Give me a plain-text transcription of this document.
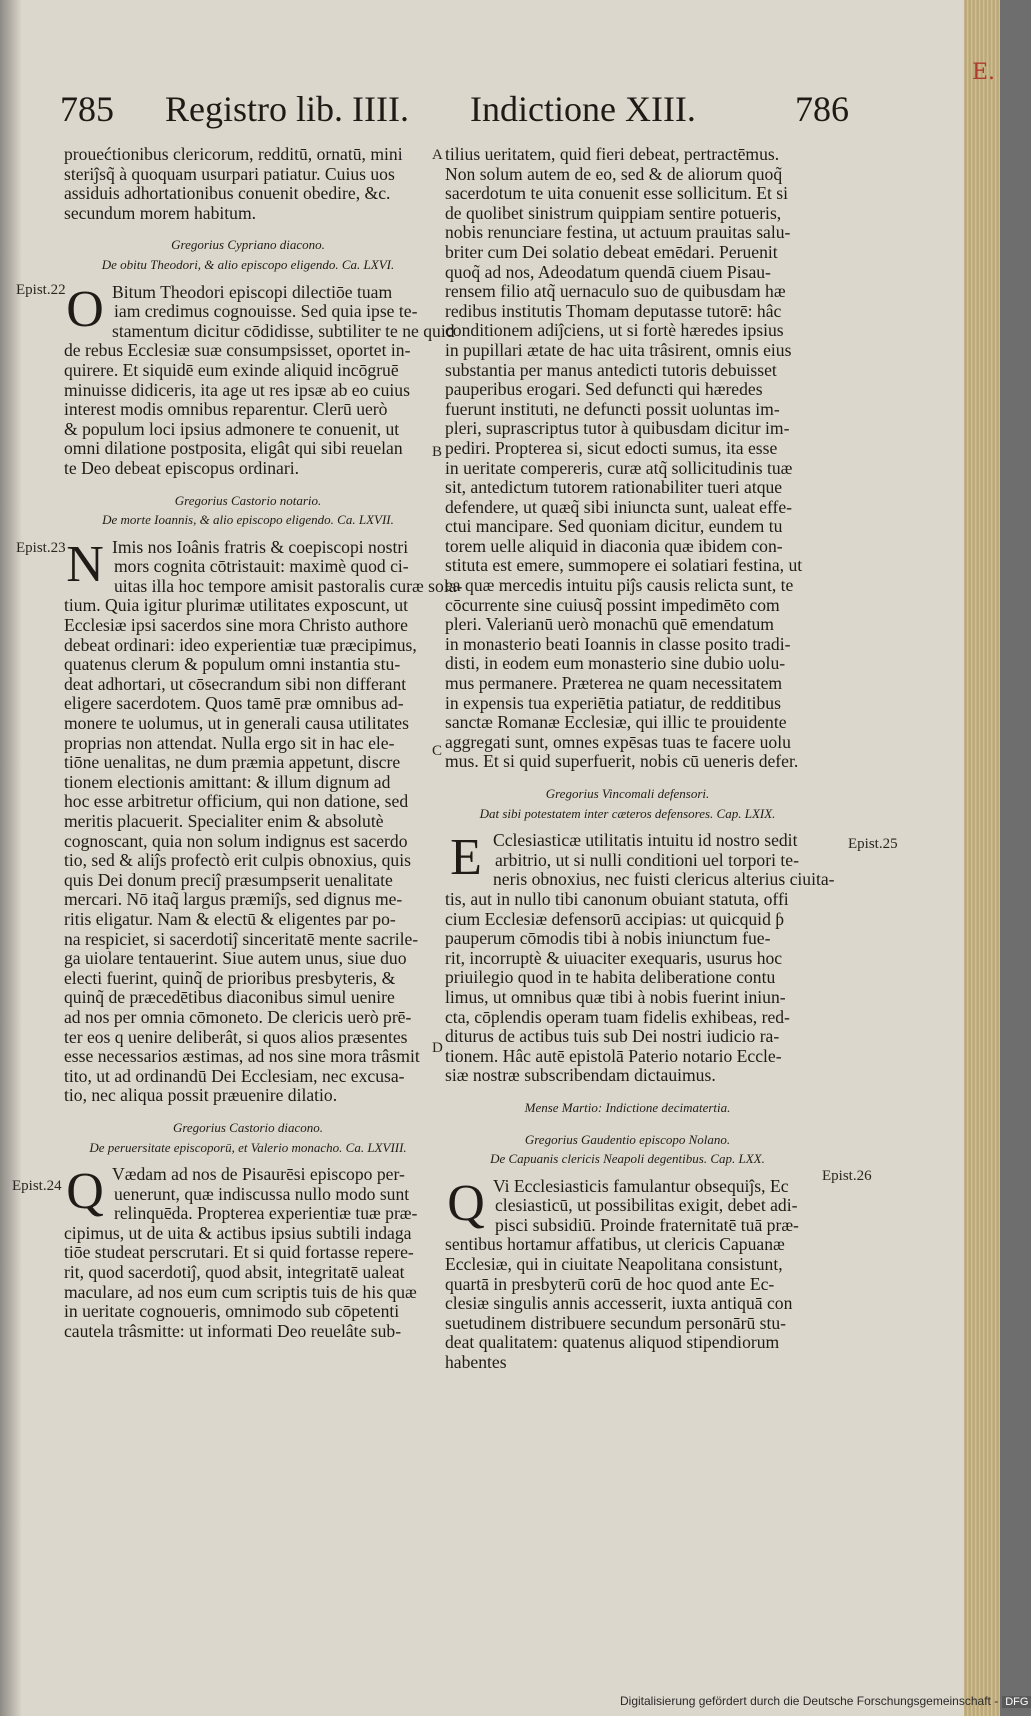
785 Registro lib. IIII. Indictione XIII.	786
prouećtionibus clericorum, redditū, ornatū, mini
steriĵsq̃ à quoquam usurpari patiatur. Cuius uos
assiduis adhortationibus conuenit obedire, &c.
secundum morem habitum.
Gregorius Cypriano diacono.
De obitu Theodori, & alio episcopo eligendo. Ca. LXVI.
O Bitum Theodori episcopi dilectiōe tuam
iam credimus cognouisse. Sed quia ipse te-
stamentum dicitur cōdidisse, subtiliter te ne quid
de rebus Ecclesiæ suæ consumpsisset, oportet in-
quirere. Et siquidē eum exinde aliquid incōgruē
minuisse didiceris, ita age ut res ipsæ ab eo cuius
interest modis omnibus reparentur. Clerū uerò
& populum loci ipsius admonere te conuenit, ut
omni dilatione postposita, eligât qui sibi reuelan
te Deo debeat episcopus ordinari.
Gregorius Castorio notario.
De morte Ioannis, & alio episcopo eligendo. Ca. LXVII.
N Imis nos Ioânis fratris & coepiscopi nostri
mors cognita cōtristauit: maximè quod ci-
uitas illa hoc tempore amisit pastoralis curæ sola-
tium. Quia igitur plurimæ utilitates exposcunt, ut
Ecclesiæ ipsi sacerdos sine mora Christo authore
debeat ordinari: ideo experientiæ tuæ præcipimus,
quatenus clerum & populum omni instantia stu-
deat adhortari, ut cōsecrandum sibi non differant
eligere sacerdotem. Quos tamē præ omnibus ad-
monere te uolumus, ut in generali causa utilitates
proprias non attendat. Nulla ergo sit in hac ele-
tiōne uenalitas, ne dum præmia appetunt, discre
tionem electionis amittant: & illum dignum ad
hoc esse arbitretur officium, qui non datione, sed
meritis placuerit. Specialiter enim & absolutè
cognoscant, quia non solum indignus est sacerdo
tio, sed & aliĵs profectò erit culpis obnoxius, quis
quis Dei donum preciĵ præsumpserit uenalitate
mercari. Nō itaq̃ largus præmiĵs, sed dignus me-
ritis eligatur. Nam & electū & eligentes par po-
na respiciet, si sacerdotiĵ sinceritatē mente sacrile-
ga uiolare tentauerint. Siue autem unus, siue duo
electi fuerint, quinq̃ de prioribus presbyteris, &
quinq̃ de præcedētibus diaconibus simul uenire
ad nos per omnia cōmoneto. De clericis uerò prē-
ter eos q uenire deliberât, si quos alios præsentes
esse necessarios æstimas, ad nos sine mora trâsmit
tito, ut ad ordinandū Dei Ecclesiam, nec excusa-
tio, nec aliqua possit præuenire dilatio.
Gregorius Castorio diacono.
De peruersitate episcoporū, et Valerio monacho. Ca. LXVIII.
Q Vædam ad nos de Pisaurēsi episcopo per-
uenerunt, quæ indiscussa nullo modo sunt
relinquēda. Propterea experientiæ tuæ præ-
cipimus, ut de uita & actibus ipsius subtili indaga
tiōe studeat perscrutari. Et si quid fortasse repere-
rit, quod sacerdotiĵ, quod absit, integritatē ualeat
maculare, ad nos eum cum scriptis tuis de his quæ
in ueritate cognoueris, omnimodo sub cōpetenti
cautela trâsmitte: ut informati Deo reuelâte sub-
tilius ueritatem, quid fieri debeat, pertractēmus.
Non solum autem de eo, sed & de aliorum quoq̃
sacerdotum te uita conuenit esse sollicitum. Et si
de quolibet sinistrum quippiam sentire potueris,
nobis renunciare festina, ut actuum prauitas salu-
briter cum Dei solatio debeat emēdari. Peruenit
quoq̃ ad nos, Adeodatum quendā ciuem Pisau-
rensem filio atq̃ uernaculo suo de quibusdam hæ
redibus institutis Thomam deputasse tutorē: hâc
conditionem adiĵciens, ut si fortè hæredes ipsius
in pupillari ætate de hac uita trâsirent, omnis eius
substantia per manus antedicti tutoris debuisset
pauperibus erogari. Sed defuncti qui hæredes
fuerunt instituti, ne defuncti possit uoluntas im-
pleri, suprascriptus tutor à quibusdam dicitur im-
pediri. Propterea si, sicut edocti sumus, ita esse
in ueritate compereris, curæ atq̃ sollicitudinis tuæ
sit, antedictum tutorem rationabiliter tueri atque
defendere, ut quæq̃ sibi iniuncta sunt, ualeat effe-
ctui mancipare. Sed quoniam dicitur, eundem tu
torem uelle aliquid in diaconia quæ ibidem con-
stituta est emere, summopere ei solatiari festina, ut
ea quæ mercedis intuitu piĵs causis relicta sunt, te
cōcurrente sine cuiusq̃ possint impedimēto com
pleri. Valerianū uerò monachū quē emendatum
in monasterio beati Ioannis in classe posito tradi-
disti, in eodem eum monasterio sine dubio uolu-
mus permanere. Præterea ne quam necessitatem
in expensis tua experiētia patiatur, de redditibus
sanctæ Romanæ Ecclesiæ, qui illic te prouidente
aggregati sunt, omnes expēsas tuas te facere uolu
mus. Et si quid superfuerit, nobis cū ueneris defer.
Gregorius Vincomali defensori.
Dat sibi potestatem inter cæteros defensores. Cap. LXIX.
E Cclesiasticæ utilitatis intuitu id nostro sedit
arbitrio, ut si nulli conditioni uel torpori te-
neris obnoxius, nec fuisti clericus alterius ciuita-
tis, aut in nullo tibi canonum obuiant statuta, offi
cium Ecclesiæ defensorū accipias: ut quicquid ƥ
pauperum cōmodis tibi à nobis iniunctum fue-
rit, incorruptè & uiuaciter exequaris, usurus hoc
priuilegio quod in te habita deliberatione contu
limus, ut omnibus quæ tibi à nobis fuerint iniun-
cta, cōplendis operam tuam fidelis exhibeas, red-
diturus de actibus tuis sub Dei nostri iudicio ra-
tionem. Hâc autē epistolā Paterio notario Eccle-
siæ nostræ subscribendam dictauimus.
Mense Martio: Indictione decimatertia.
Gregorius Gaudentio episcopo Nolano.
De Capuanis clericis Neapoli degentibus. Cap. LXX.
Q Vi Ecclesiasticis famulantur obsequiĵs, Ec
clesiasticū, ut possibilitas exigit, debet adi-
pisci subsidiū. Proinde fraternitatē tuā præ-
sentibus hortamur affatibus, ut clericis Capuanæ
Ecclesiæ, qui in ciuitate Neapolitana consistunt,
quartā in presbyterū corū de hoc quod ante Ec-
clesiæ singulis annis accesserit, iuxta antiquā con
suetudinem distribuere secundum personārū stu-
deat qualitatem: quatenus aliquod stipendiorum
habentes
Epist.22
Epist.23
Epist.24
Epist.25
Epist.26
A
B
C
D
E.
Digitalisierung gefördert durch die Deutsche Forschungsgemeinschaft - DFG
